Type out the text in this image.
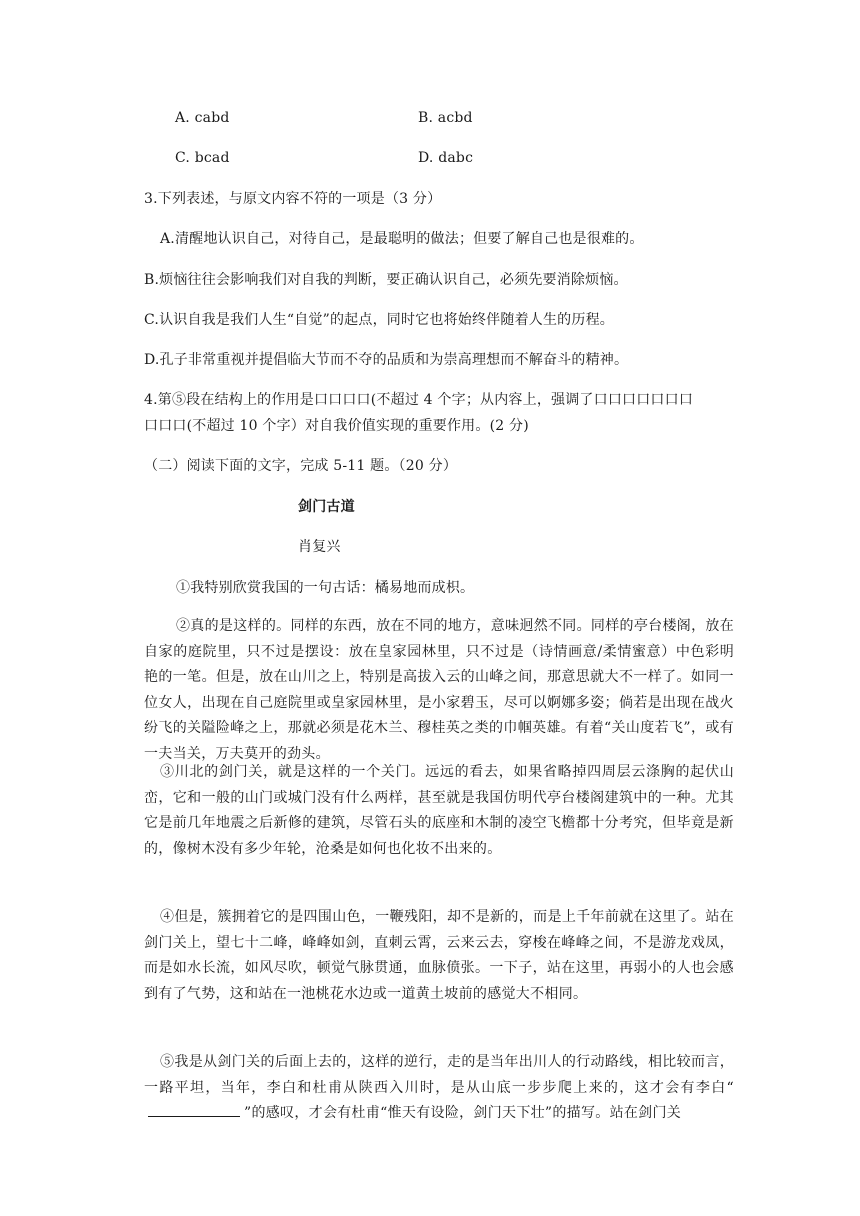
A. cabd	B. acbd
C. bcad	D. dabc
3.下列表述，与原文内容不符的一项是（3 分）
A.清醒地认识自己，对待自己，是最聪明的做法；但要了解自己也是很难的。
B.烦恼往往会影响我们对自我的判断，要正确认识自己，必须先要消除烦恼。
C.认识自我是我们人生“自觉”的起点，同时它也将始终伴随着人生的历程。
D.孔子非常重视并提倡临大节而不夺的品质和为崇高理想而不解奋斗的精神。
4.第⑤段在结构上的作用是口口口口(不超过 4 个字；从内容上，强调了口口口口口口口
口口口(不超过 10 个字）对自我价值实现的重要作用。(2 分)
（二）阅读下面的文字，完成 5-11 题。（20 分）
剑门古道
肖复兴
①我特别欣赏我国的一句古话：橘易地而成枳。
②真的是这样的。同样的东西，放在不同的地方，意味迥然不同。同样的亭台楼阁，放在自家的庭院里，只不过是摆设：放在皇家园林里，只不过是（诗情画意/柔情蜜意）中色彩明艳的一笔。但是，放在山川之上，特别是高拔入云的山峰之间，那意思就大不一样了。如同一位女人，出现在自己庭院里或皇家园林里，是小家碧玉，尽可以婀娜多姿；倘若是出现在战火纷飞的关隘险峰之上，那就必须是花木兰、穆桂英之类的巾帼英雄。有着“关山度若飞”，或有一夫当关，万夫莫开的劲头。
③川北的剑门关，就是这样的一个关门。远远的看去，如果省略掉四周层云涤胸的起伏山峦，它和一般的山门或城门没有什么两样，甚至就是我国仿明代亭台楼阁建筑中的一种。尤其它是前几年地震之后新修的建筑，尽管石头的底座和木制的凌空飞檐都十分考究，但毕竟是新的，像树木没有多少年轮，沧桑是如何也化妆不出来的。
④但是，簇拥着它的是四围山色，一鞭残阳，却不是新的，而是上千年前就在这里了。站在剑门关上，望七十二峰，峰峰如剑，直刺云霄，云来云去，穿梭在峰峰之间，不是游龙戏凤，而是如水长流，如风尽吹，顿觉气脉贯通，血脉偾张。一下子，站在这里，再弱小的人也会感到有了气势，这和站在一池桃花水边或一道黄土坡前的感觉大不相同。
⑤我是从剑门关的后面上去的，这样的逆行，走的是当年出川人的行动路线，相比较而言，一路平坦，当年，李白和杜甫从陕西入川时，是从山底一步步爬上来的，这才会有李白“”的感叹，才会有杜甫“惟天有设险，剑门天下壮”的描写。站在剑门关
